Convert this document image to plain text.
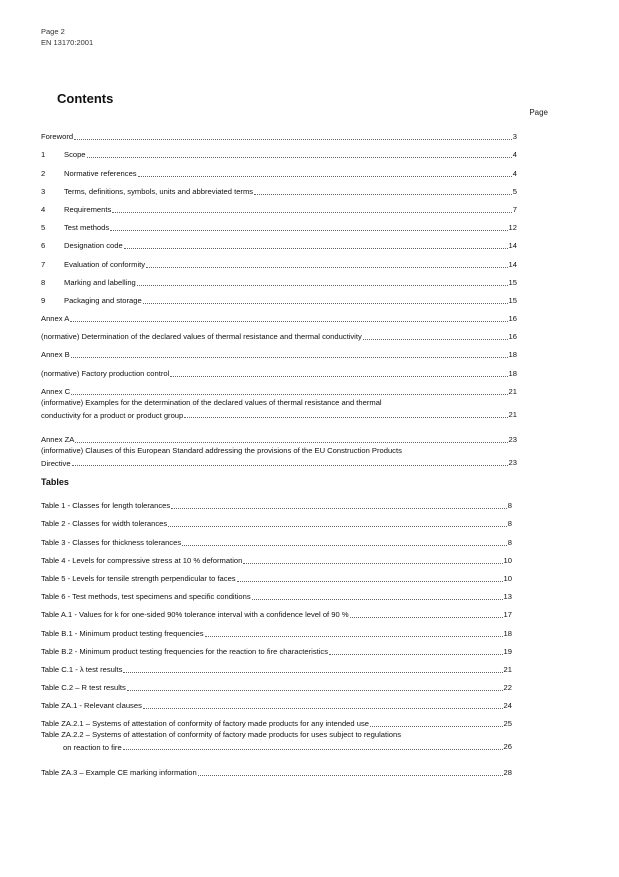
Page 2
EN 13170:2001
Contents
Page
Foreword	3
1 Scope	4
2 Normative references	4
3 Terms, definitions, symbols, units and abbreviated terms	5
4 Requirements	7
5 Test methods	12
6 Designation code	14
7 Evaluation of conformity	14
8 Marking and labelling	15
9 Packaging and storage	15
Annex A	16
(normative) Determination of the declared values of thermal resistance and thermal conductivity	16
Annex B	18
(normative) Factory production control	18
Annex C	21
(informative) Examples for the determination of the declared values of thermal resistance and thermal
conductivity for a product or product group	21
Annex ZA	23
(informative) Clauses of this European Standard addressing the provisions of the EU Construction Products
Directive	23
Tables
Table 1 - Classes for length tolerances	8
Table 2 - Classes for width tolerances	8
Table 3 - Classes for thickness tolerances	8
Table 4 - Levels for compressive stress at 10 % deformation	10
Table 5 - Levels for tensile strength perpendicular to faces	10
Table 6 - Test methods, test specimens and specific conditions	13
Table A.1 - Values for k for one-sided 90% tolerance interval with a confidence level of 90 %	17
Table B.1 - Minimum product testing frequencies	18
Table B.2 - Minimum product testing frequencies for the reaction to fire characteristics	19
Table C.1 - λ test results	21
Table C.2 – R test results	22
Table ZA.1 - Relevant clauses	24
Table ZA.2.1 – Systems of attestation of conformity of factory made products for any intended use	25
Table ZA.2.2 – Systems of attestation of conformity of factory made products for uses subject to regulations
on reaction to fire	26
Table ZA.3 – Example CE marking information	28
